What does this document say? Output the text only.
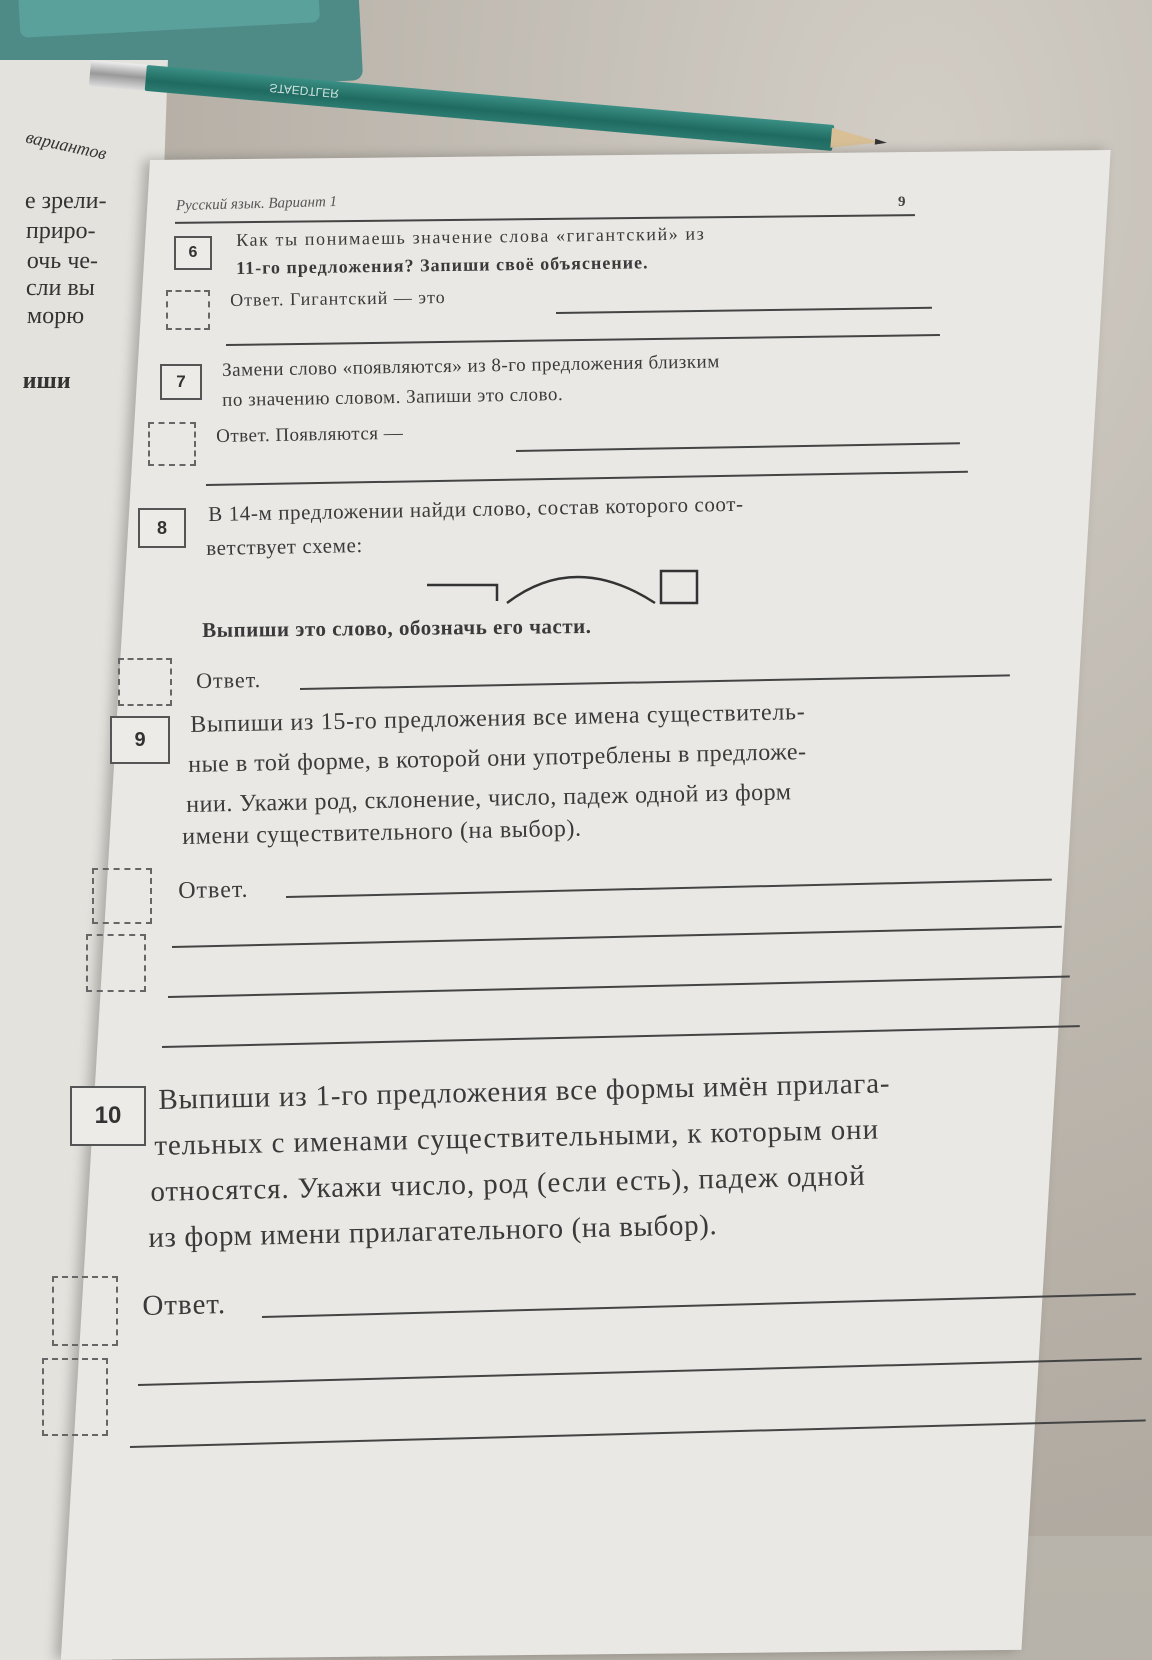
вариантов
е зрели-
прирo-
очь че-
сли вы
морю
иши
STAEDTLER
Русский язык. Вариант 1	9
6
Как ты понимаешь значение слова «гигантский» из
11-го предложения? Запиши своё объяснение.
Ответ. Гигантский — это
7
Замени слово «появляются» из 8-го предложения близким
по значению словом. Запиши это слово.
Ответ. Появляются —
8
В 14-м предложении найди слово, состав которого соот-
ветствует схеме:
Выпиши это слово, обозначь его части.
Ответ.
9
Выпиши из 15-го предложения все имена существитель-
ные в той форме, в которой они употреблены в предложе-
нии. Укажи род, склонение, число, падеж одной из форм
имени существительного (на выбор).
Ответ.
10	Выпиши из 1-го предложения все формы имён прилага-
тельных с именами существительными, к которым они
относятся. Укажи число, род (если есть), падеж одной
из форм имени прилагательного (на выбор).
Ответ.
